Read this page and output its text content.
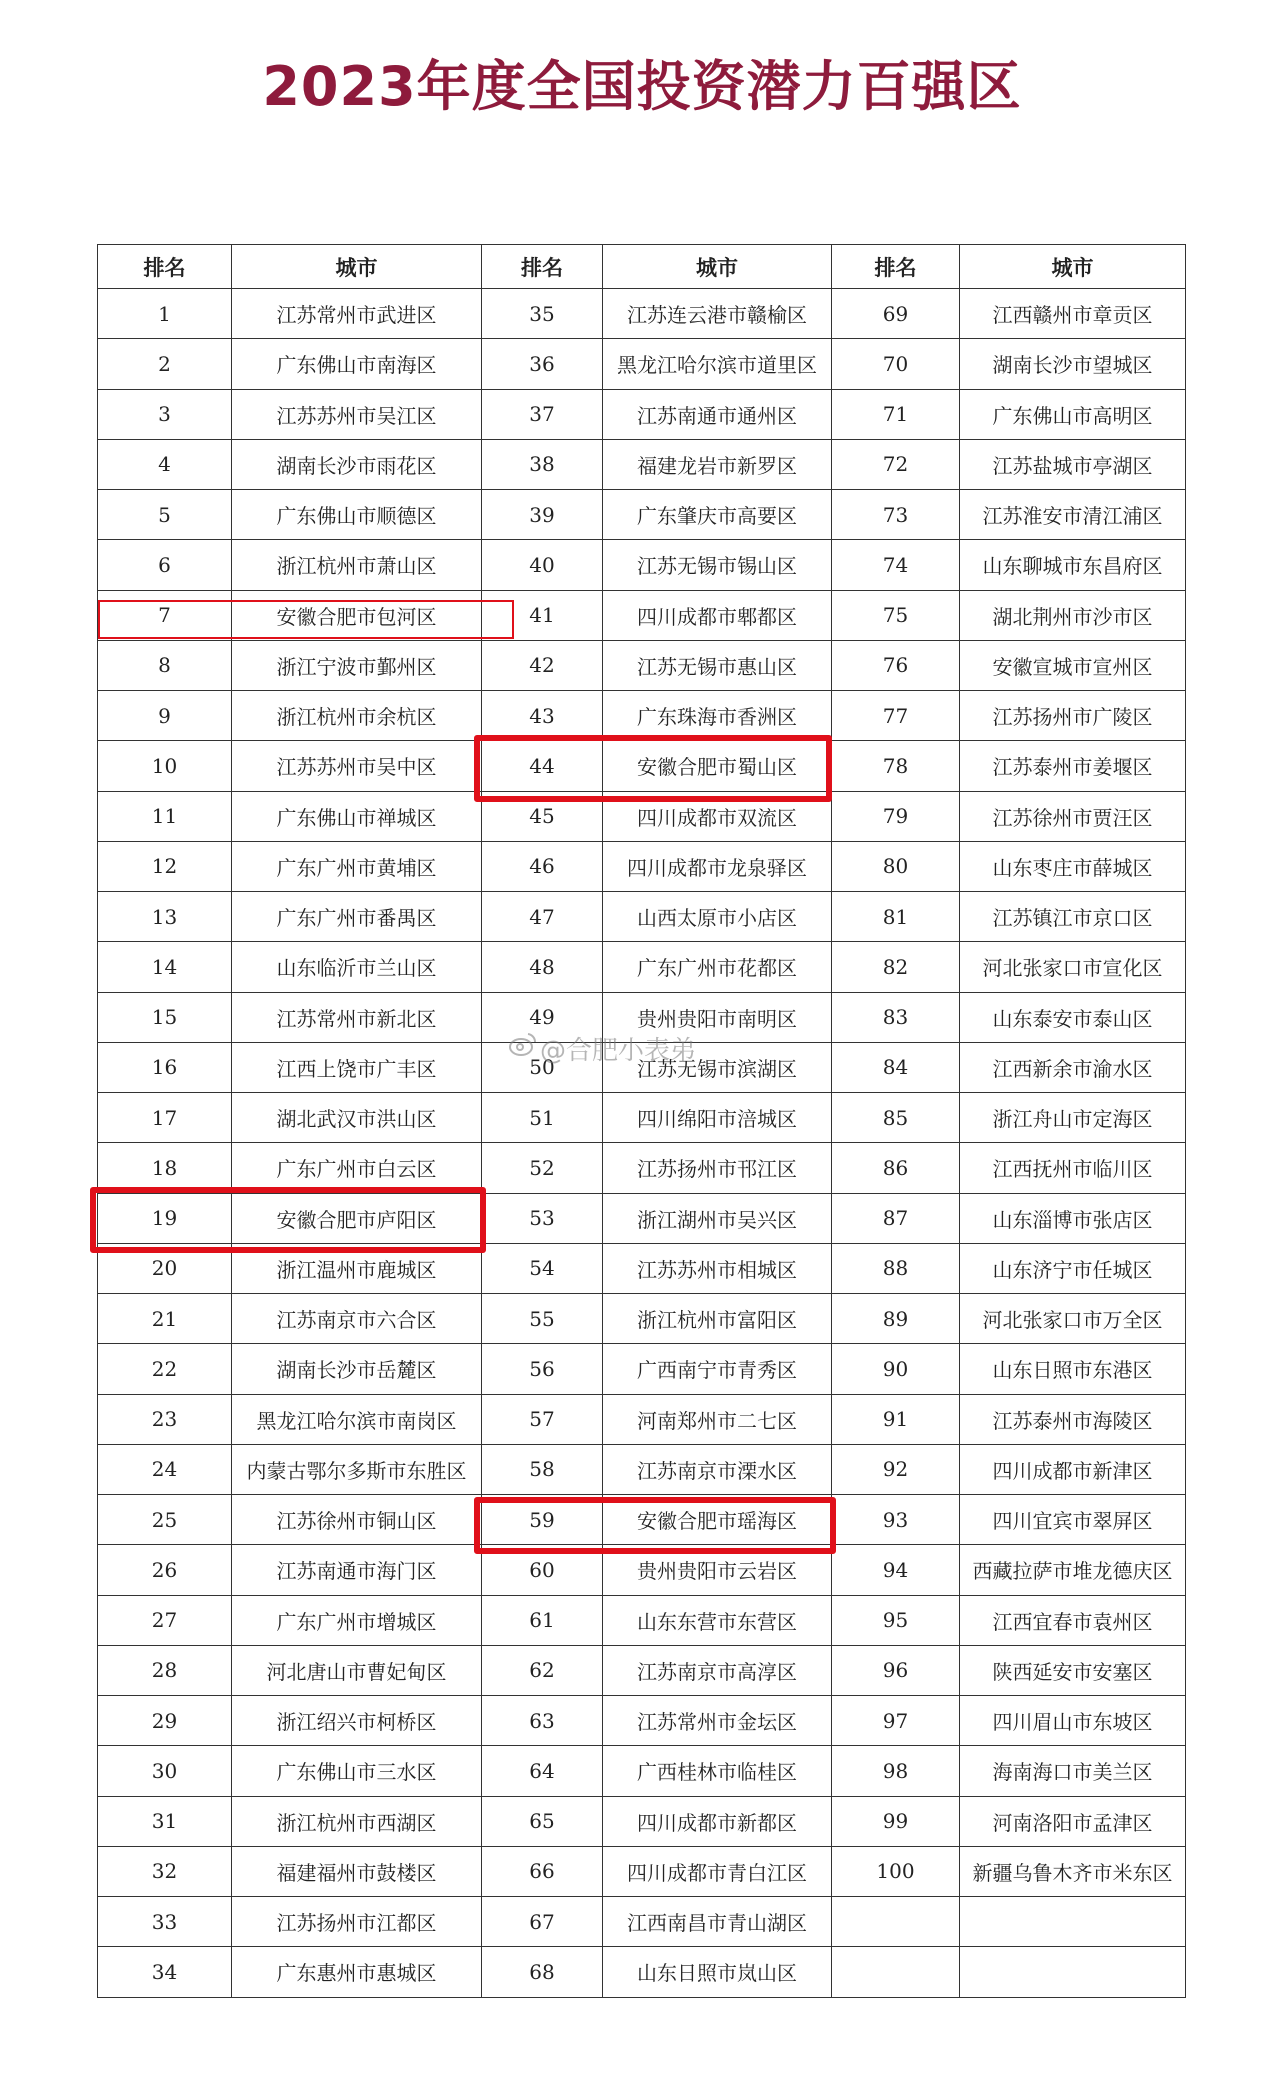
2023年度全国投资潜力百强区
排名	城市	排名	城市	排名	城市
1	江苏常州市武进区	35	江苏连云港市赣榆区	69	江西赣州市章贡区
2	广东佛山市南海区	36	黑龙江哈尔滨市道里区	70	湖南长沙市望城区
3	江苏苏州市吴江区	37	江苏南通市通州区	71	广东佛山市高明区
4	湖南长沙市雨花区	38	福建龙岩市新罗区	72	江苏盐城市亭湖区
5	广东佛山市顺德区	39	广东肇庆市高要区	73	江苏淮安市清江浦区
6	浙江杭州市萧山区	40	江苏无锡市锡山区	74	山东聊城市东昌府区
7	安徽合肥市包河区	41	四川成都市郫都区	75	湖北荆州市沙市区
8	浙江宁波市鄞州区	42	江苏无锡市惠山区	76	安徽宣城市宣州区
9	浙江杭州市余杭区	43	广东珠海市香洲区	77	江苏扬州市广陵区
10	江苏苏州市吴中区	44	安徽合肥市蜀山区	78	江苏泰州市姜堰区
11	广东佛山市禅城区	45	四川成都市双流区	79	江苏徐州市贾汪区
12	广东广州市黄埔区	46	四川成都市龙泉驿区	80	山东枣庄市薛城区
13	广东广州市番禺区	47	山西太原市小店区	81	江苏镇江市京口区
14	山东临沂市兰山区	48	广东广州市花都区	82	河北张家口市宣化区
15	江苏常州市新北区	49	贵州贵阳市南明区	83	山东泰安市泰山区
16	江西上饶市广丰区	50	江苏无锡市滨湖区	84	江西新余市渝水区
17	湖北武汉市洪山区	51	四川绵阳市涪城区	85	浙江舟山市定海区
18	广东广州市白云区	52	江苏扬州市邗江区	86	江西抚州市临川区
19	安徽合肥市庐阳区	53	浙江湖州市吴兴区	87	山东淄博市张店区
20	浙江温州市鹿城区	54	江苏苏州市相城区	88	山东济宁市任城区
21	江苏南京市六合区	55	浙江杭州市富阳区	89	河北张家口市万全区
22	湖南长沙市岳麓区	56	广西南宁市青秀区	90	山东日照市东港区
23	黑龙江哈尔滨市南岗区	57	河南郑州市二七区	91	江苏泰州市海陵区
24	内蒙古鄂尔多斯市东胜区	58	江苏南京市溧水区	92	四川成都市新津区
25	江苏徐州市铜山区	59	安徽合肥市瑶海区	93	四川宜宾市翠屏区
26	江苏南通市海门区	60	贵州贵阳市云岩区	94	西藏拉萨市堆龙德庆区
27	广东广州市增城区	61	山东东营市东营区	95	江西宜春市袁州区
28	河北唐山市曹妃甸区	62	江苏南京市高淳区	96	陕西延安市安塞区
29	浙江绍兴市柯桥区	63	江苏常州市金坛区	97	四川眉山市东坡区
30	广东佛山市三水区	64	广西桂林市临桂区	98	海南海口市美兰区
31	浙江杭州市西湖区	65	四川成都市新都区	99	河南洛阳市孟津区
32	福建福州市鼓楼区	66	四川成都市青白江区	100	新疆乌鲁木齐市米东区
33	江苏扬州市江都区	67	江西南昌市青山湖区		
34	广东惠州市惠城区	68	山东日照市岚山区		
@合肥小表弟
